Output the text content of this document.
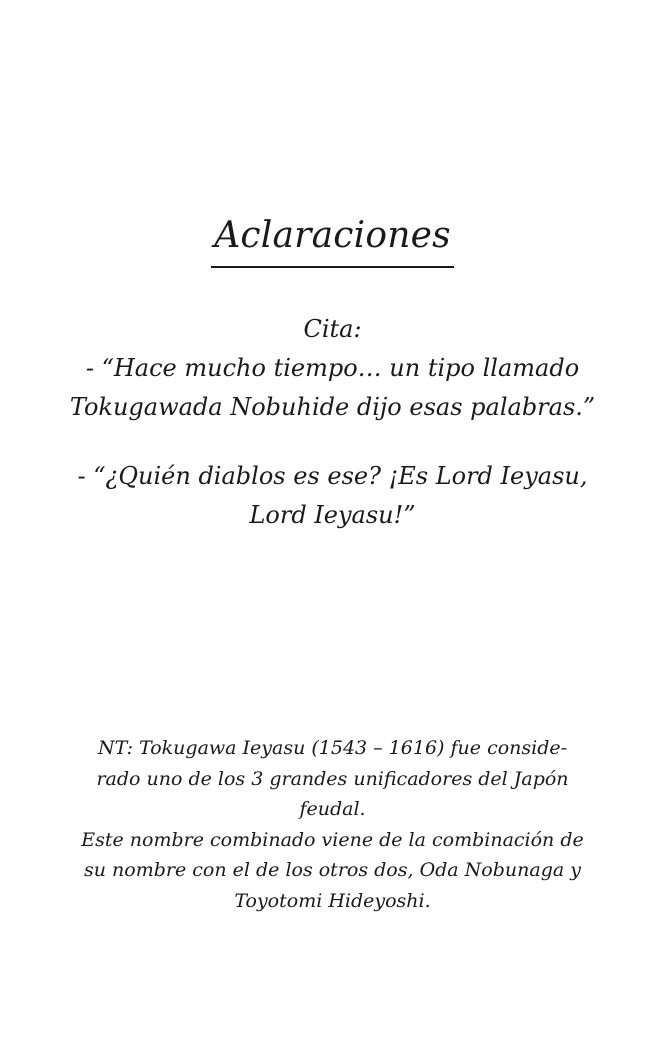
Aclaraciones
Cita:
- “Hace mucho tiempo… un tipo llamado
Tokugawada Nobuhide dijo esas palabras.”
- “¿Quién diablos es ese? ¡Es Lord Ieyasu,
Lord Ieyasu!”
NT: Tokugawa Ieyasu (1543 – 1616) fue conside-
rado uno de los 3 grandes unificadores del Japón
feudal.
Este nombre combinado viene de la combinación de
su nombre con el de los otros dos, Oda Nobunaga y
Toyotomi Hideyoshi.
